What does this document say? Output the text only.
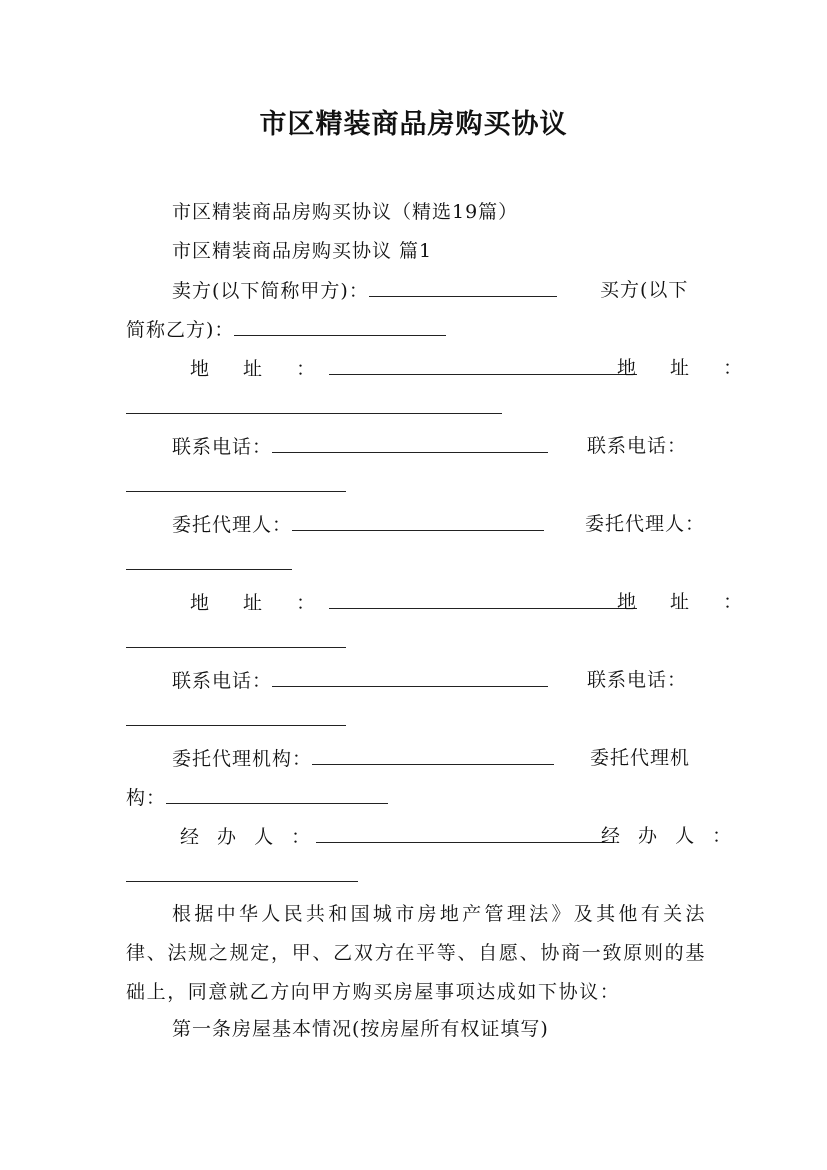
市区精装商品房购买协议
市区精装商品房购买协议（精选19篇）
市区精装商品房购买协议 篇1
卖方(以下简称甲方)：	买方(以下
简称乙方)：
地 址 ：	地 址 ：
联系电话：	联系电话：
委托代理人：	委托代理人：
地 址 ：	地 址 ：
联系电话：	联系电话：
委托代理机构：	委托代理机
构：
经 办 人 ：	经 办 人 ：
根据中华人民共和国城市房地产管理法》及其他有关法律、法规之规定，甲、乙双方在平等、自愿、协商一致原则的基础上，同意就乙方向甲方购买房屋事项达成如下协议：
第一条房屋基本情况(按房屋所有权证填写)
